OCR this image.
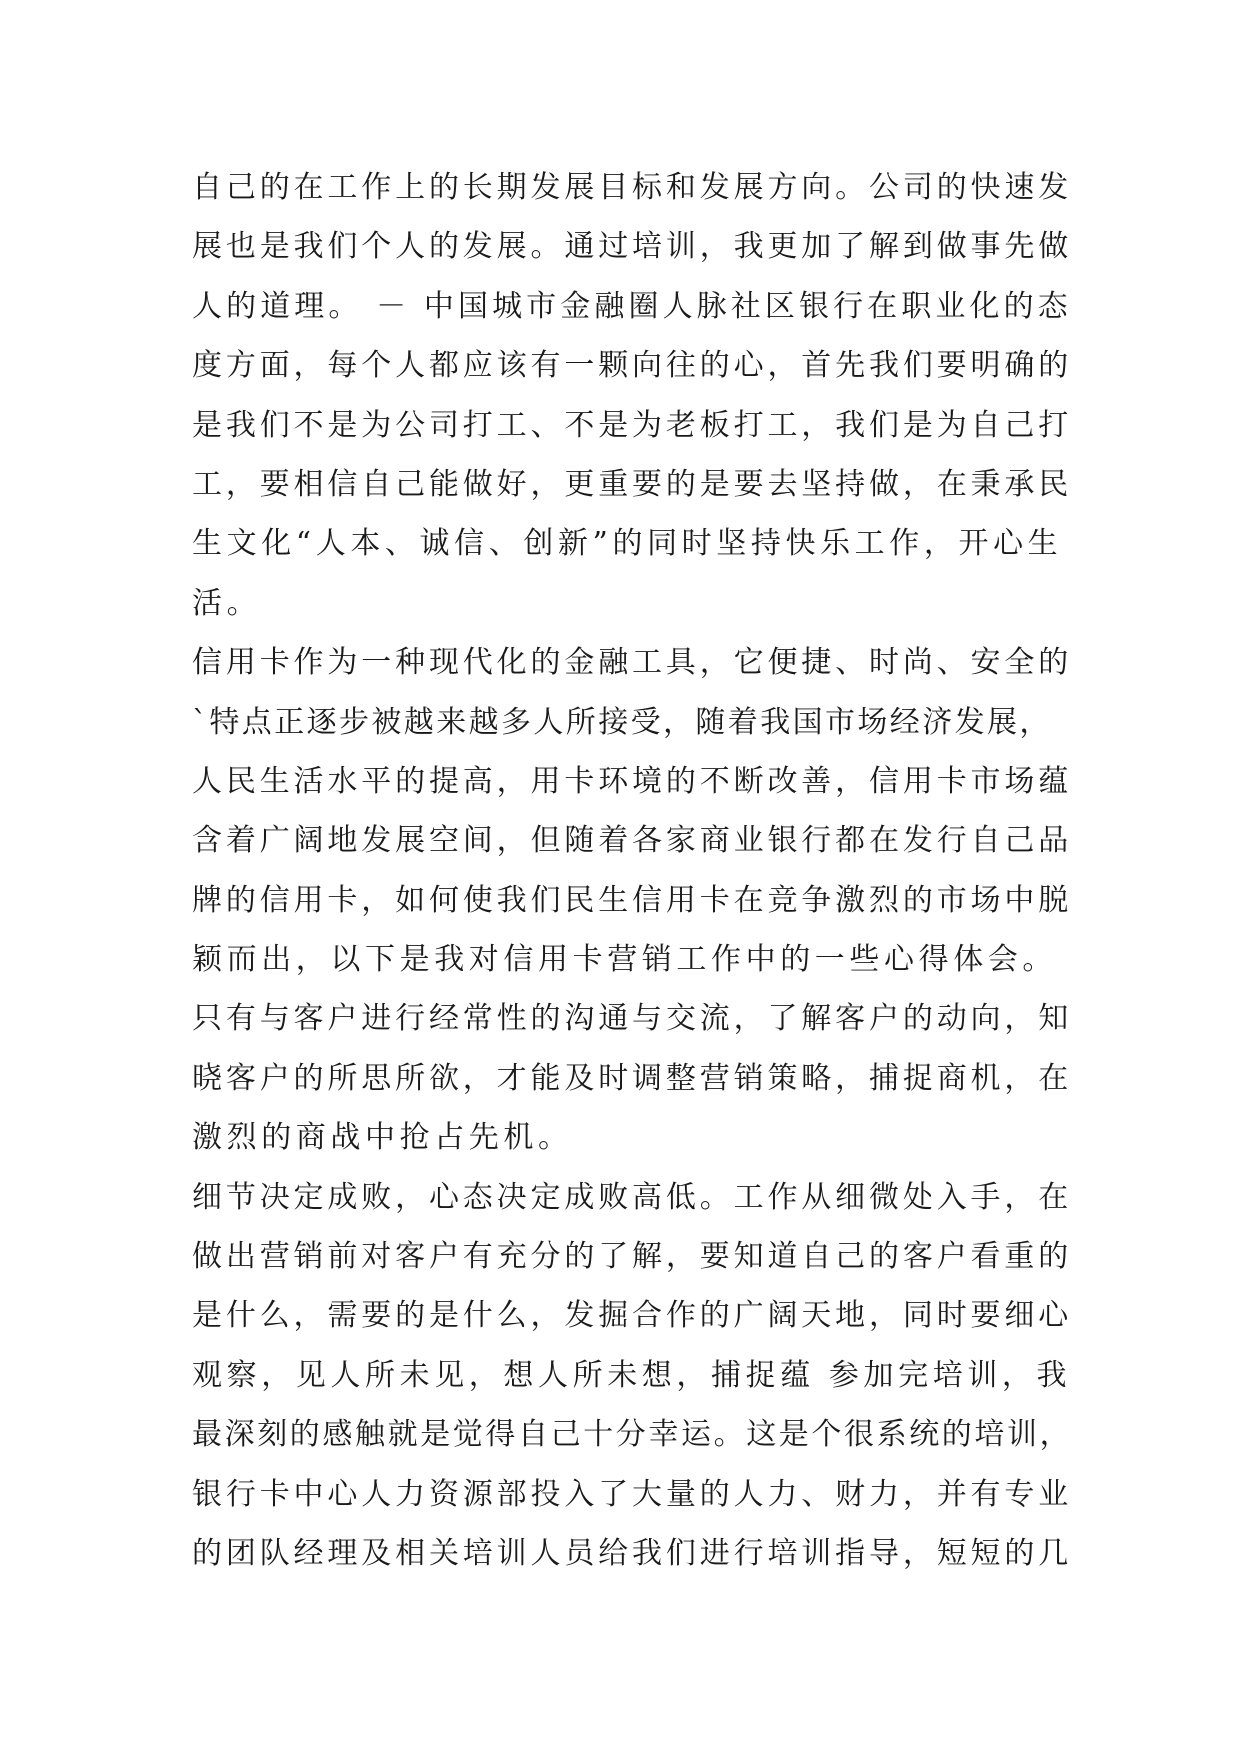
自己的在工作上的长期发展目标和发展方向。公司的快速发
展也是我们个人的发展。通过培训，我更加了解到做事先做
人的道理。 － 中国城市金融圈人脉社区银行在职业化的态
度方面，每个人都应该有一颗向往的心，首先我们要明确的
是我们不是为公司打工、不是为老板打工，我们是为自己打
工，要相信自己能做好，更重要的是要去坚持做，在秉承民
生文化“人本、诚信、创新”的同时坚持快乐工作，开心生
活。
信用卡作为一种现代化的金融工具，它便捷、时尚、安全的
`特点正逐步被越来越多人所接受，随着我国市场经济发展，
人民生活水平的提高，用卡环境的不断改善，信用卡市场蕴
含着广阔地发展空间，但随着各家商业银行都在发行自己品
牌的信用卡，如何使我们民生信用卡在竞争激烈的市场中脱
颖而出，以下是我对信用卡营销工作中的一些心得体会。
只有与客户进行经常性的沟通与交流，了解客户的动向，知
晓客户的所思所欲，才能及时调整营销策略，捕捉商机，在
激烈的商战中抢占先机。
细节决定成败，心态决定成败高低。工作从细微处入手，在
做出营销前对客户有充分的了解，要知道自己的客户看重的
是什么，需要的是什么，发掘合作的广阔天地，同时要细心
观察，见人所未见，想人所未想，捕捉蕴 参加完培训，我
最深刻的感触就是觉得自己十分幸运。这是个很系统的培训，
银行卡中心人力资源部投入了大量的人力、财力，并有专业
的团队经理及相关培训人员给我们进行培训指导，短短的几
